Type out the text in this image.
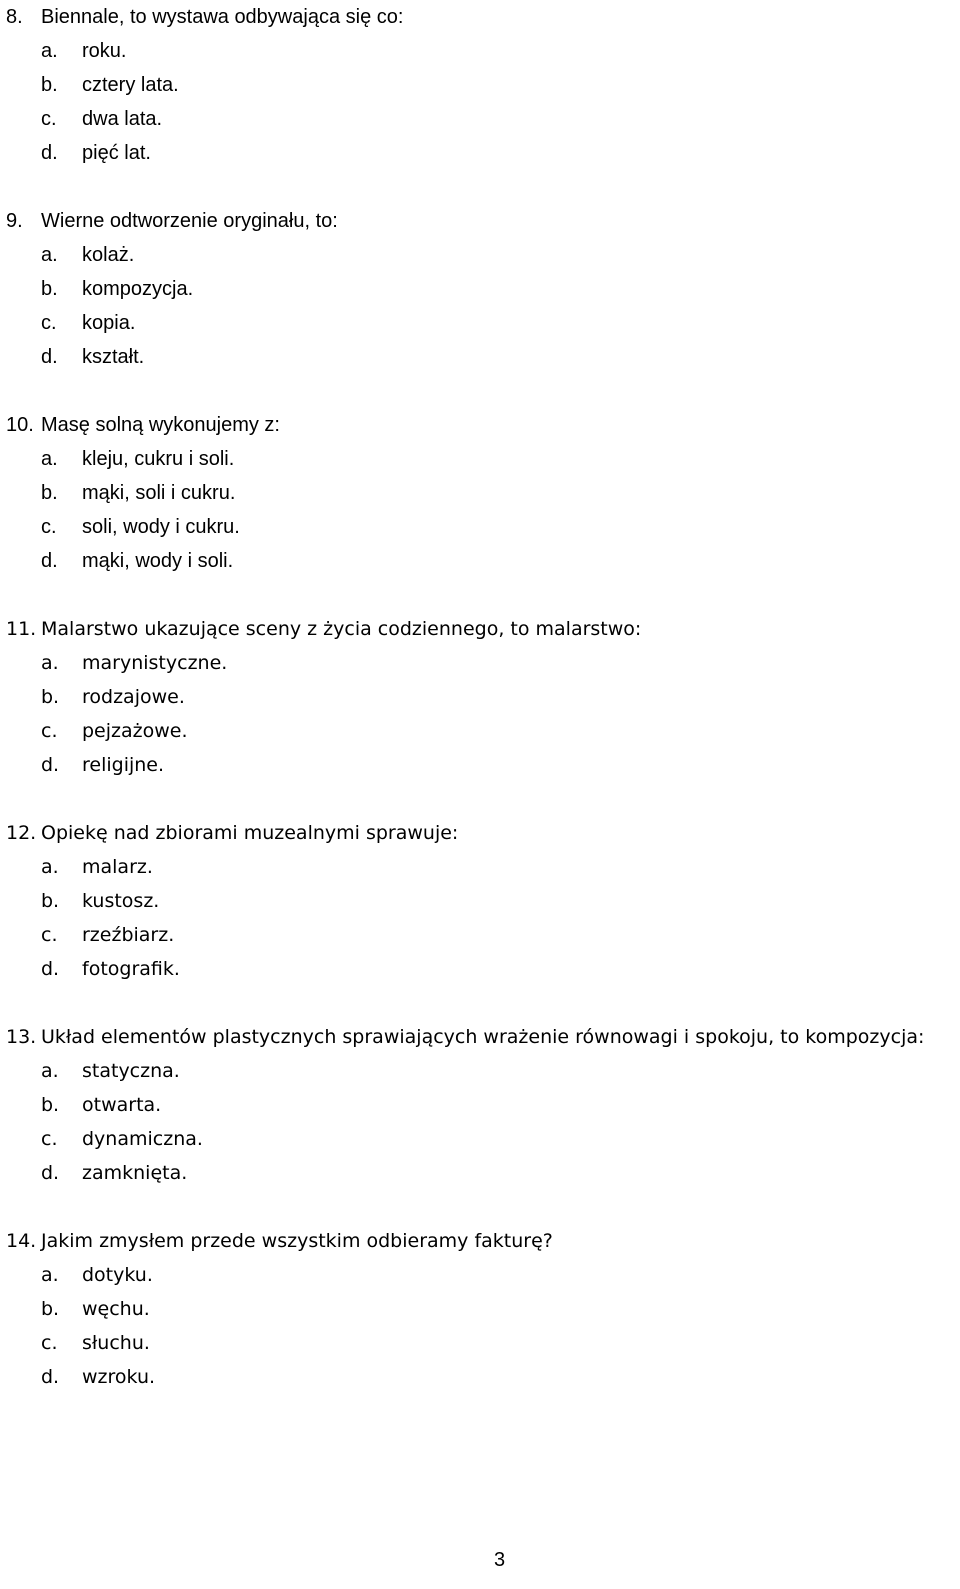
8. Biennale, to wystawa odbywająca się co:
a.	roku.
b.	cztery lata.
c.	dwa lata.
d.	pięć lat.
9. Wierne odtworzenie oryginału, to:
a.	kolaż.
b.	kompozycja.
c.	kopia.
d.	kształt.
10. Masę solną wykonujemy z:
a.	kleju, cukru i soli.
b.	mąki, soli i cukru.
c.	soli, wody i cukru.
d.	mąki, wody i soli.
11. Malarstwo ukazujące sceny z życia codziennego, to malarstwo:
a.	marynistyczne.
b.	rodzajowe.
c.	pejzażowe.
d.	religijne.
12. Opiekę nad zbiorami muzealnymi sprawuje:
a.	malarz.
b.	kustosz.
c.	rzeźbiarz.
d.	fotografik.
13. Układ elementów plastycznych sprawiających wrażenie równowagi i spokoju, to kompozycja:
a.	statyczna.
b.	otwarta.
c.	dynamiczna.
d.	zamknięta.
14. Jakim zmysłem przede wszystkim odbieramy fakturę?
a.	dotyku.
b.	węchu.
c.	słuchu.
d.	wzroku.
3
